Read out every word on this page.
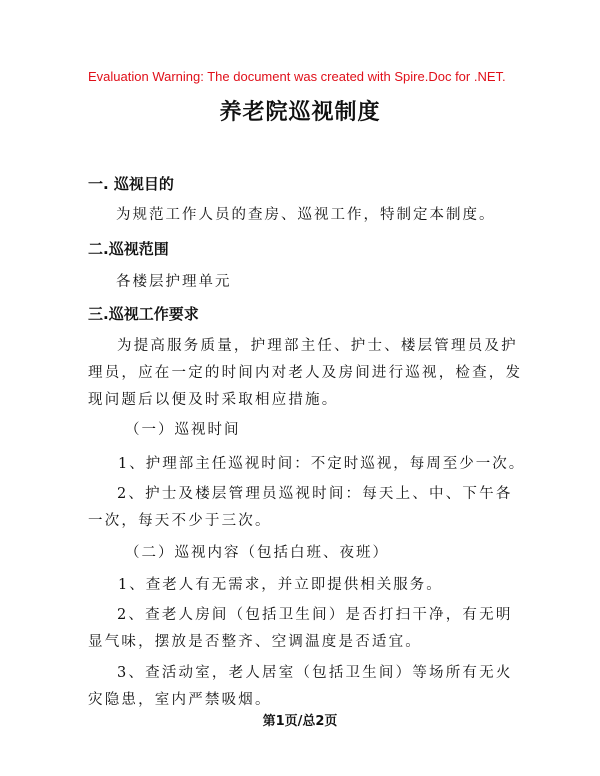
Evaluation Warning: The document was created with Spire.Doc for .NET.
养老院巡视制度
一. 巡视目的
为规范工作人员的查房、巡视工作，特制定本制度。
二.巡视范围
各楼层护理单元
三.巡视工作要求
为提高服务质量，护理部主任、护士、楼层管理员及护理员，应在一定的时间内对老人及房间进行巡视，检查，发现问题后以便及时采取相应措施。
（一）巡视时间
1、护理部主任巡视时间：不定时巡视，每周至少一次。
2、护士及楼层管理员巡视时间：每天上、中、下午各一次，每天不少于三次。
（二）巡视内容（包括白班、夜班）
1、查老人有无需求，并立即提供相关服务。
2、查老人房间（包括卫生间）是否打扫干净，有无明显气味，摆放是否整齐、空调温度是否适宜。
3、查活动室，老人居室（包括卫生间）等场所有无火灾隐患，室内严禁吸烟。
第1页/总2页
